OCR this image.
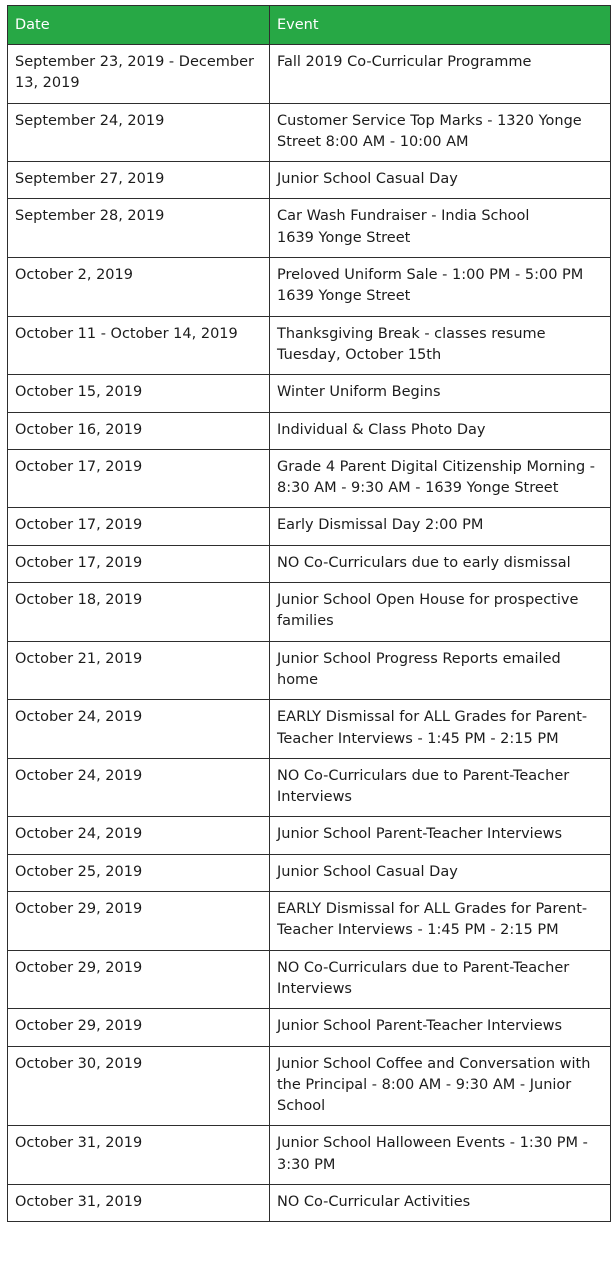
Date	Event
September 23, 2019 - December 13, 2019	Fall 2019 Co-Curricular Programme
September 24, 2019	Customer Service Top Marks - 1320 Yonge Street 8:00 AM - 10:00 AM
September 27, 2019	Junior School Casual Day
September 28, 2019	Car Wash Fundraiser - India School
1639 Yonge Street
October 2, 2019	Preloved Uniform Sale - 1:00 PM - 5:00 PM
1639 Yonge Street
October 11 - October 14, 2019	Thanksgiving Break - classes resume Tuesday, October 15th
October 15, 2019	Winter Uniform Begins
October 16, 2019	Individual & Class Photo Day
October 17, 2019	Grade 4 Parent Digital Citizenship Morning - 8:30 AM - 9:30 AM - 1639 Yonge Street
October 17, 2019	Early Dismissal Day 2:00 PM
October 17, 2019	NO Co-Curriculars due to early dismissal
October 18, 2019	Junior School Open House for prospective families
October 21, 2019	Junior School Progress Reports emailed home
October 24, 2019	EARLY Dismissal for ALL Grades for Parent-Teacher Interviews - 1:45 PM - 2:15 PM
October 24, 2019	NO Co-Curriculars due to Parent-Teacher Interviews
October 24, 2019	Junior School Parent-Teacher Interviews
October 25, 2019	Junior School Casual Day
October 29, 2019	EARLY Dismissal for ALL Grades for Parent-Teacher Interviews - 1:45 PM - 2:15 PM
October 29, 2019	NO Co-Curriculars due to Parent-Teacher Interviews
October 29, 2019	Junior School Parent-Teacher Interviews
October 30, 2019	Junior School Coffee and Conversation with the Principal - 8:00 AM - 9:30 AM - Junior School
October 31, 2019	Junior School Halloween Events - 1:30 PM - 3:30 PM
October 31, 2019	NO Co-Curricular Activities
